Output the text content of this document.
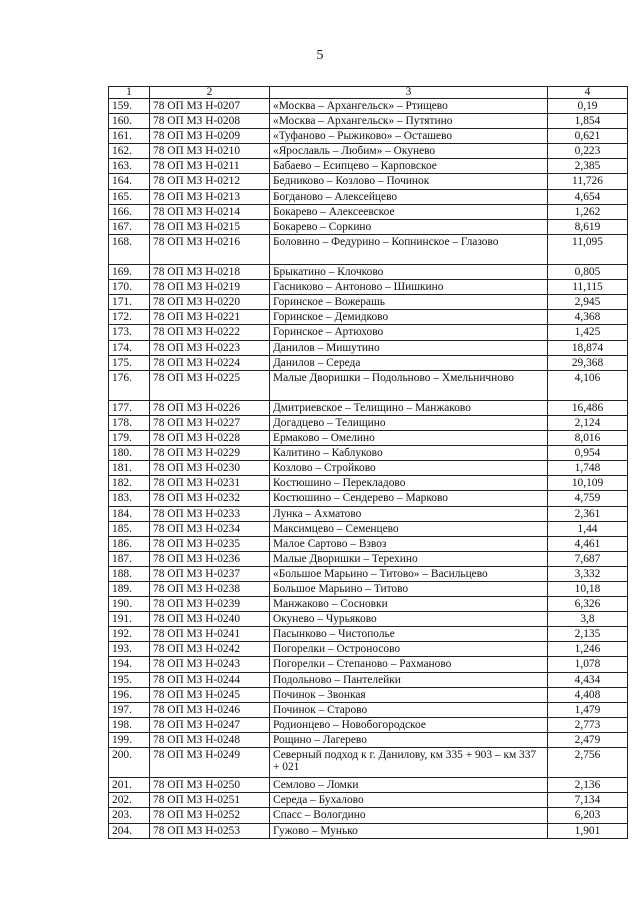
5
1	2	3	4
159.	78 ОП МЗ Н-0207	«Москва – Архангельск» – Ртищево	0,19
160.	78 ОП МЗ Н-0208	«Москва – Архангельск» – Путятино	1,854
161.	78 ОП МЗ Н-0209	«Туфаново – Рыжиково» – Осташево	0,621
162.	78 ОП МЗ Н-0210	«Ярославль – Любим» – Окунево	0,223
163.	78 ОП МЗ Н-0211	Бабаево – Есипцево – Карповское	2,385
164.	78 ОП МЗ Н-0212	Бедниково – Козлово – Починок	11,726
165.	78 ОП МЗ Н-0213	Богданово – Алексейцево	4,654
166.	78 ОП МЗ Н-0214	Бокарево – Алексеевское	1,262
167.	78 ОП МЗ Н-0215	Бокарево – Соркино	8,619
168.	78 ОП МЗ Н-0216	Боловино – Федурино – Копнинское – Глазово	11,095
169.	78 ОП МЗ Н-0218	Брыкатино – Клочково	0,805
170.	78 ОП МЗ Н-0219	Гасниково – Антоново – Шишкино	11,115
171.	78 ОП МЗ Н-0220	Горинское – Вожерашь	2,945
172.	78 ОП МЗ Н-0221	Горинское – Демидково	4,368
173.	78 ОП МЗ Н-0222	Горинское – Артюхово	1,425
174.	78 ОП МЗ Н-0223	Данилов – Мишутино	18,874
175.	78 ОП МЗ Н-0224	Данилов – Середа	29,368
176.	78 ОП МЗ Н-0225	Малые Дворишки – Подольново – Хмельничново	4,106
177.	78 ОП МЗ Н-0226	Дмитриевское – Телищино – Манжаково	16,486
178.	78 ОП МЗ Н-0227	Догадцево – Телищино	2,124
179.	78 ОП МЗ Н-0228	Ермаково – Омелино	8,016
180.	78 ОП МЗ Н-0229	Калитино – Каблуково	0,954
181.	78 ОП МЗ Н-0230	Козлово – Стройково	1,748
182.	78 ОП МЗ Н-0231	Костюшино – Перекладово	10,109
183.	78 ОП МЗ Н-0232	Костюшино – Сендерево – Марково	4,759
184.	78 ОП МЗ Н-0233	Лунка – Ахматово	2,361
185.	78 ОП МЗ Н-0234	Максимцево – Семенцево	1,44
186.	78 ОП МЗ Н-0235	Малое Сартово – Взвоз	4,461
187.	78 ОП МЗ Н-0236	Малые Дворишки – Терехино	7,687
188.	78 ОП МЗ Н-0237	«Большое Марьино – Титово» – Васильцево	3,332
189.	78 ОП МЗ Н-0238	Большое Марьино – Титово	10,18
190.	78 ОП МЗ Н-0239	Манжаково – Сосновки	6,326
191.	78 ОП МЗ Н-0240	Окунево – Чурьяково	3,8
192.	78 ОП МЗ Н-0241	Пасынково – Чистополье	2,135
193.	78 ОП МЗ Н-0242	Погорелки – Остроносово	1,246
194.	78 ОП МЗ Н-0243	Погорелки – Степаново – Рахманово	1,078
195.	78 ОП МЗ Н-0244	Подольново – Пантелейки	4,434
196.	78 ОП МЗ Н-0245	Починок – Звонкая	4,408
197.	78 ОП МЗ Н-0246	Починок – Старово	1,479
198.	78 ОП МЗ Н-0247	Родионцево – Новобогородское	2,773
199.	78 ОП МЗ Н-0248	Рощино – Лагерево	2,479
200.	78 ОП МЗ Н-0249	Северный подход к г. Данилову, км 335 + 903 – км 337 + 021	2,756
201.	78 ОП МЗ Н-0250	Семлово – Ломки	2,136
202.	78 ОП МЗ Н-0251	Середа – Бухалово	7,134
203.	78 ОП МЗ Н-0252	Спасс – Вологдино	6,203
204.	78 ОП МЗ Н-0253	Гужово – Мунько	1,901
